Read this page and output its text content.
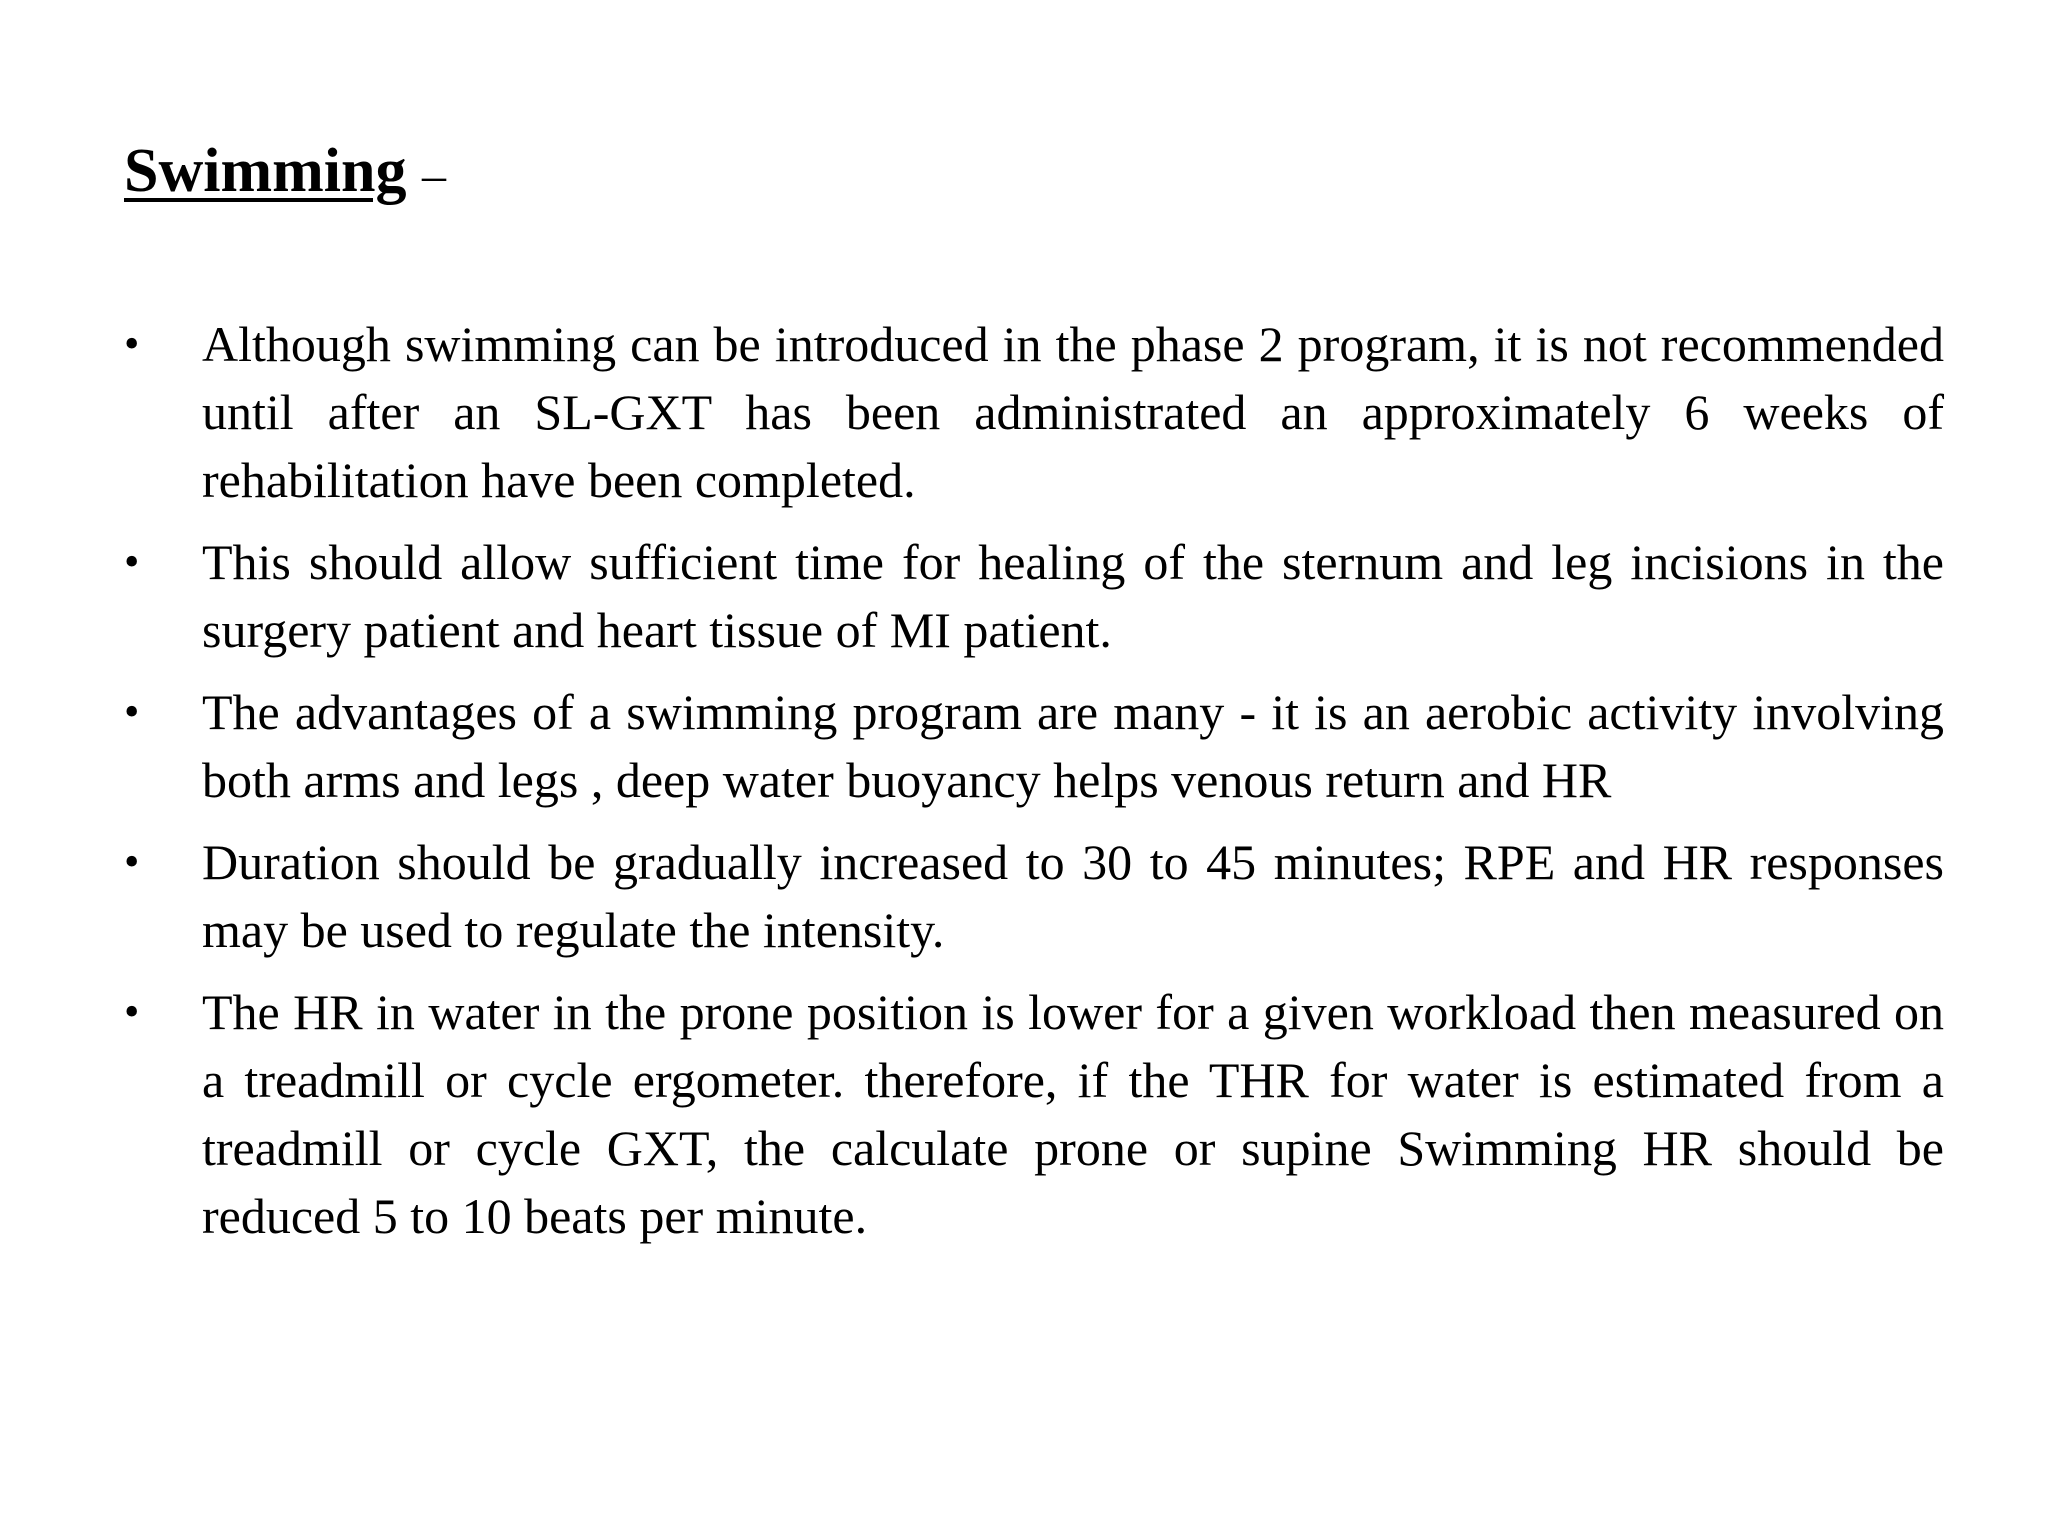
Swimming –
•	Although swimming can be introduced in the phase 2 program, it is not recommended until after an SL-GXT has been administrated an approximately 6 weeks of rehabilitation have been completed.
•	This should allow sufficient time for healing of the sternum and leg incisions in the surgery patient and heart tissue of MI patient.
•	The advantages of a swimming program are many - it is an aerobic activity involving both arms and legs , deep water buoyancy helps venous return and HR
•	Duration should be gradually increased to 30 to 45 minutes; RPE and HR responses may be used to regulate the intensity.
•	The HR in water in the prone position is lower for a given workload then measured on a treadmill or cycle ergometer. therefore, if the THR for water is estimated from a treadmill or cycle GXT, the calculate prone or supine Swimming HR should be reduced 5 to 10 beats per minute.
